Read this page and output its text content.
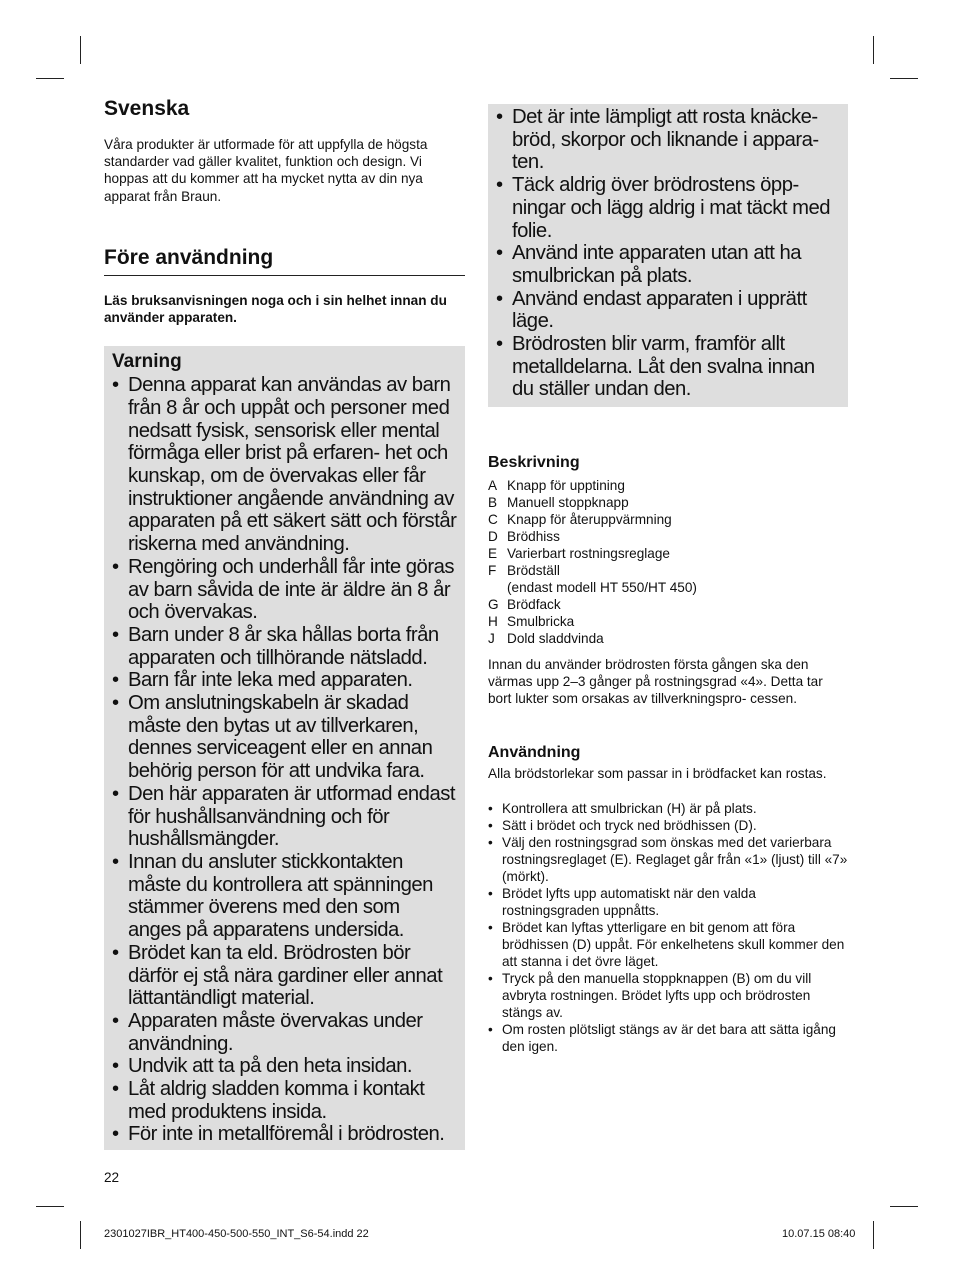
Svenska

Våra produkter är utformade för att uppfylla de högsta standarder vad gäller kvalitet, funktion och design. Vi hoppas att du kommer att ha mycket nytta av din nya apparat från Braun.

Före användning

Läs bruksanvisningen noga och i sin helhet innan du använder apparaten.

Varning
• Denna apparat kan användas av barn från 8 år och uppåt och personer med nedsatt fysisk, sensorisk eller mental förmåga eller brist på erfaren- het och kunskap, om de övervakas eller får instruktioner angående användning av apparaten på ett säkert sätt och förstår riskerna med användning.
• Rengöring och underhåll får inte göras av barn såvida de inte är äldre än 8 år och övervakas.
• Barn under 8 år ska hållas borta från apparaten och tillhörande nätsladd.
• Barn får inte leka med apparaten.
• Om anslutningskabeln är skadad måste den bytas ut av tillverkaren, dennes serviceagent eller en annan behörig person för att undvika fara.
• Den här apparaten är utformad endast för hushållsanvändning och för hushållsmängder.
• Innan du ansluter stickkontakten måste du kontrollera att spänningen stämmer överens med den som anges på apparatens undersida.
• Brödet kan ta eld. Brödrosten bör därför ej stå nära gardiner eller annat lättantändligt material.
• Apparaten måste övervakas under användning.
• Undvik att ta på den heta insidan.
• Låt aldrig sladden komma i kontakt med produktens insida.
• För inte in metallföremål i brödrosten.
• Det är inte lämpligt att rosta knäcke- bröd, skorpor och liknande i appara- ten.
• Täck aldrig över brödrostens öpp- ningar och lägg aldrig i mat täckt med folie.
• Använd inte apparaten utan att ha smulbrickan på plats.
• Använd endast apparaten i upprätt läge.
• Brödrosten blir varm, framför allt metalldelarna. Låt den svalna innan du ställer undan den.
Beskrivning
A Knapp för upptining
B Manuell stoppknapp
C Knapp för återuppvärmning
D Brödhiss
E Varierbart rostningsreglage
F Brödställ
(endast modell HT 550/HT 450)
G Brödfack
H Smulbricka
J Dold sladdvinda

Innan du använder brödrosten första gången ska den värmas upp 2–3 gånger på rostningsgrad «4». Detta tar bort lukter som orsakas av tillverkningspro- cessen.

Användning

Alla brödstorlekar som passar in i brödfacket kan rostas.

• Kontrollera att smulbrickan (H) är på plats.
• Sätt i brödet och tryck ned brödhissen (D).
• Välj den rostningsgrad som önskas med det varierbara rostningsreglaget (E). Reglaget går från «1» (ljust) till «7» (mörkt).
• Brödet lyfts upp automatiskt när den valda rostningsgraden uppnåtts.
• Brödet kan lyftas ytterligare en bit genom att föra brödhissen (D) uppåt. För enkelhetens skull kommer den att stanna i det övre läget.
• Tryck på den manuella stoppknappen (B) om du vill avbryta rostningen. Brödet lyfts upp och brödrosten stängs av.
• Om rosten plötsligt stängs av är det bara att sätta igång den igen.
22
2301027IBR_HT400-450-500-550_INT_S6-54.indd 22	10.07.15 08:40
